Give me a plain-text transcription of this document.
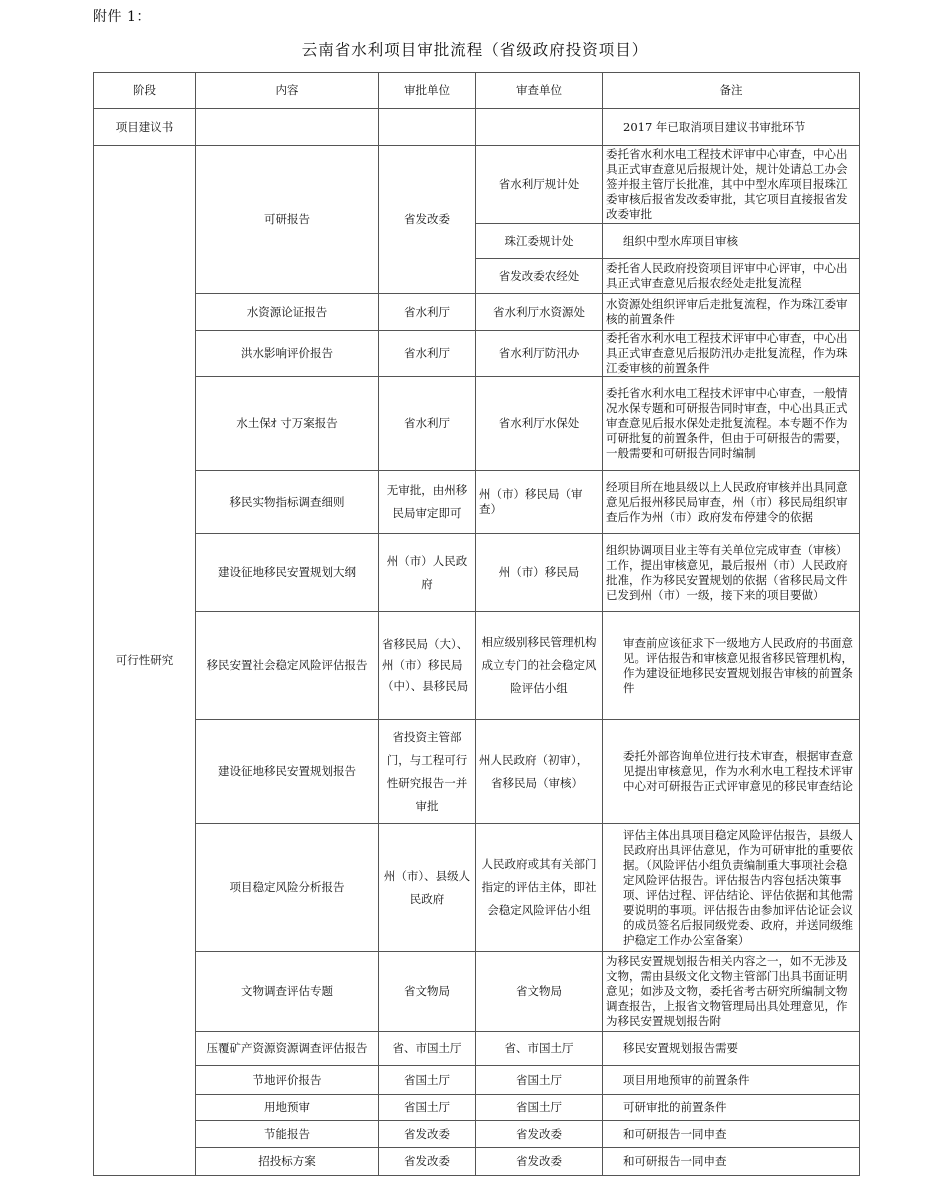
附件 1：
云南省水利项目审批流程（省级政府投资项目）
阶段	内容	审批单位	审查单位	备注
项目建议书				2017 年已取消项目建议书审批环节
可行性研究	可研报告	省发改委	省水利厅规计处	委托省水利水电工程技术评审中心审查，中心出具正式审查意见后报规计处，规计处请总工办会签并报主管厅长批准，其中中型水库项目报珠江委审核后报省发改委审批，其它项目直接报省发改委审批
			珠江委规计处	组织中型水库项目审核
			省发改委农经处	委托省人民政府投资项目评审中心评审，中心出具正式审查意见后报农经处走批复流程
	水资源论证报告	省水利厅	省水利厅水资源处	水资源处组织评审后走批复流程，作为珠江委审核的前置条件
	洪水影响评价报告	省水利厅	省水利厅防汛办	委托省水利水电工程技术评审中心审查，中心出具正式审查意见后报防汛办走批复流程，作为珠江委审核的前置条件
	水土保ｵ 寸万案报告	省水利厅	省水利厅水保处	委托省水利水电工程技术评审中心审查，一般情况水保专题和可研报告同时审查，中心出具正式审查意见后报水保处走批复流程。本专题不作为可研批复的前置条件，但由于可研报告的需要，一般需要和可研报告同时编制
	移民实物指标调查细则	无审批，由州移民局审定即可	州（市）移民局（审查）	经项目所在地县级以上人民政府审核并出具同意意见后报州移民局审查，州（市）移民局组织审查后作为州（市）政府发布停建令的依据
	建设征地移民安置规划大纲	州（市）人民政府	州（市）移民局	组织协调项目业主等有关单位完成审查（审核）工作，提出审核意见，最后报州（市）人民政府批准，作为移民安置规划的依据（省移民局文件已发到州（市）一级，接下来的项目要做）
	移民安置社会稳定风险评估报告	省移民局（大）、
州（市）移民局
（中）、县移民局	相应级别移民管理机构成立专门的社会稳定风险评估小组	审查前应该征求下一级地方人民政府的书面意见。评估报告和审核意见报省移民管理机构，作为建设征地移民安置规划报告审核的前置条件
	建设征地移民安置规划报告	省投资主管部门，与工程可行性研究报告一并审批	州人民政府（初审），
省移民局（审核）	委托外部咨询单位进行技术审查，根据审查意见提出审核意见，作为水利水电工程技术评审中心对可研报告正式评审意见的移民审查结论
	项目稳定风险分析报告	州（市）、县级人
民政府	人民政府或其有关部门指定的评估主体，即社会稳定风险评估小组	评估主体出具项目稳定风险评估报告，县级人民政府出具评估意见，作为可研审批的重要依据。（风险评估小组负责编制重大事项社会稳定风险评估报告。评估报告内容包括决策事项、评估过程、评估结论、评估依据和其他需要说明的事项。评估报告由参加评估论证会议的成员签名后报同级党委、政府，并送同级维护稳定工作办公室备案）
	文物调查评估专题	省文物局	省文物局	为移民安置规划报告相关内容之一，如不无涉及文物，需由县级文化文物主管部门出具书面证明意见；如涉及文物，委托省考古研究所编制文物调查报告，上报省文物管理局出具处理意见，作为移民安置规划报告附
	压覆矿产资源资源调查评估报告	省、市国土厅	省、市国土厅	移民安置规划报告需要
	节地评价报告	省国土厅	省国土厅	项目用地预审的前置条件
	用地预审	省国土厅	省国土厅	可研审批的前置条件
	节能报告	省发改委	省发改委	和可研报告一同申查
	招投标方案	省发改委	省发改委	和可研报告一同申查
